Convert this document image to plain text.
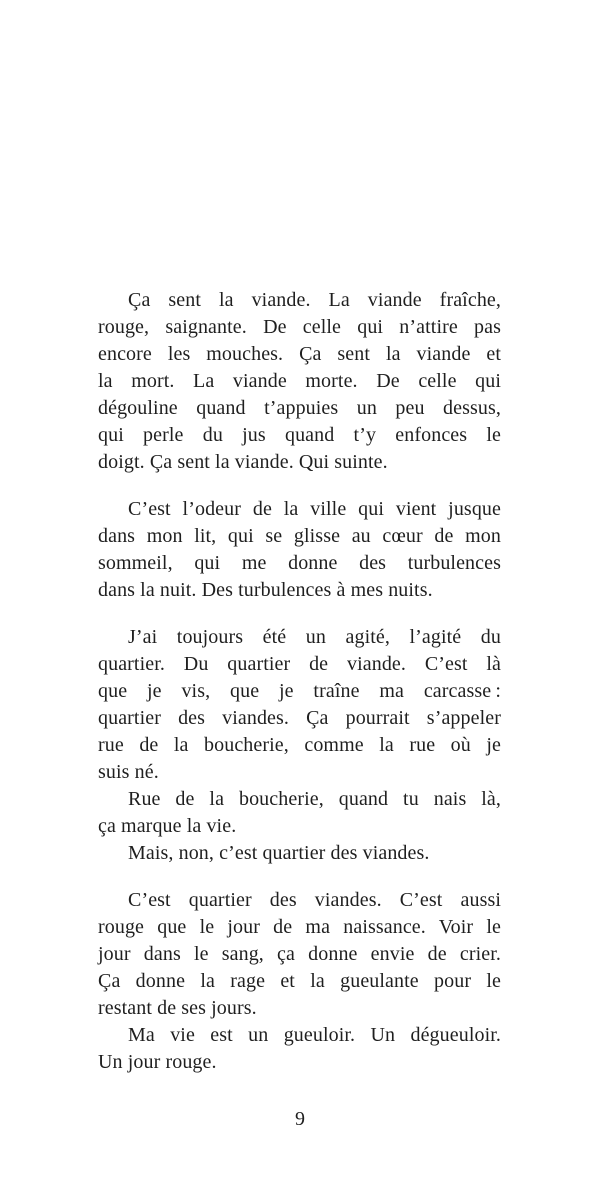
Ça sent la viande. La viande fraîche,
rouge, saignante. De celle qui n’attire pas
encore les mouches. Ça sent la viande et
la mort. La viande morte. De celle qui
dégouline quand t’appuies un peu dessus,
qui perle du jus quand t’y enfonces le
doigt. Ça sent la viande. Qui suinte.
C’est l’odeur de la ville qui vient jusque
dans mon lit, qui se glisse au cœur de mon
sommeil, qui me donne des turbulences
dans la nuit. Des turbulences à mes nuits.
J’ai toujours été un agité, l’agité du
quartier. Du quartier de viande. C’est là
que je vis, que je traîne ma carcasse :
quartier des viandes. Ça pourrait s’appeler
rue de la boucherie, comme la rue où je
suis né.
Rue de la boucherie, quand tu nais là,
ça marque la vie.
Mais, non, c’est quartier des viandes.
C’est quartier des viandes. C’est aussi
rouge que le jour de ma naissance. Voir le
jour dans le sang, ça donne envie de crier.
Ça donne la rage et la gueulante pour le
restant de ses jours.
Ma vie est un gueuloir. Un dégueuloir.
Un jour rouge.
9
